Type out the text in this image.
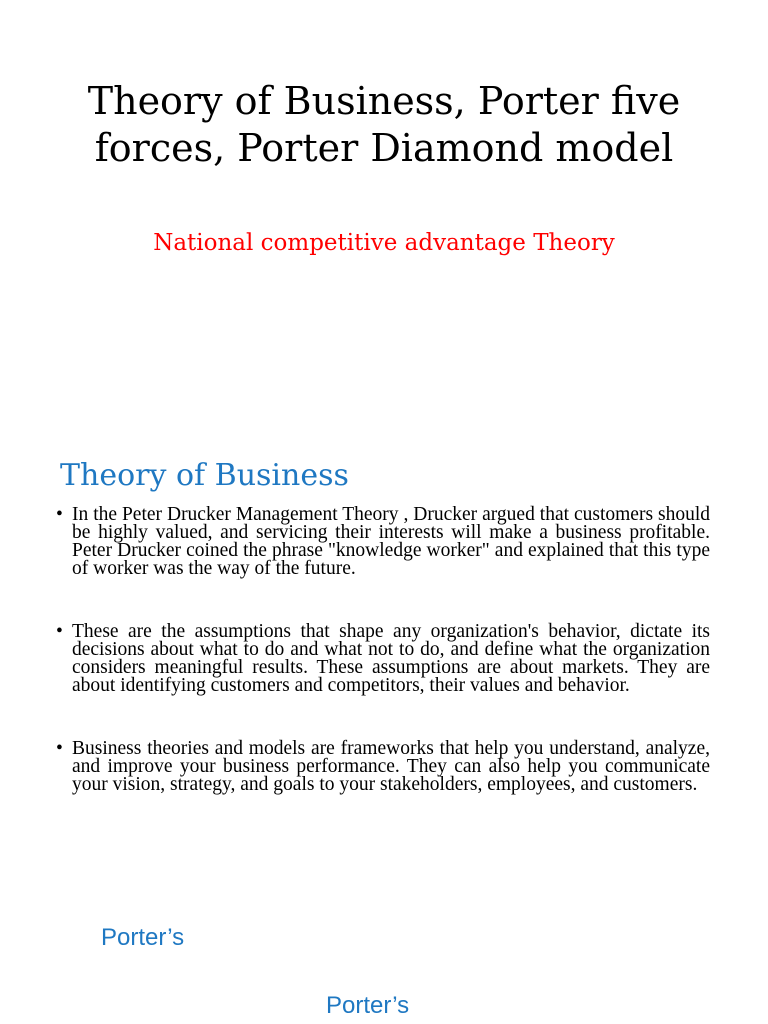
Theory of Business, Porter five forces, Porter Diamond model

National competitive advantage Theory

Theory of Business
• In the Peter Drucker Management Theory , Drucker argued that customers should be highly valued, and servicing their interests will make a business profitable. Peter Drucker coined the phrase "knowledge worker" and explained that this type of worker was the way of the future.
• These are the assumptions that shape any organization's behavior, dictate its decisions about what to do and what not to do, and define what the organization considers meaningful results. These assumptions are about markets. They are about identifying customers and competitors, their values and behavior.
• Business theories and models are frameworks that help you understand, analyze, and improve your business performance. They can also help you communicate your vision, strategy, and goals to your stakeholders, employees, and customers.

Porter’s

Porter’s
